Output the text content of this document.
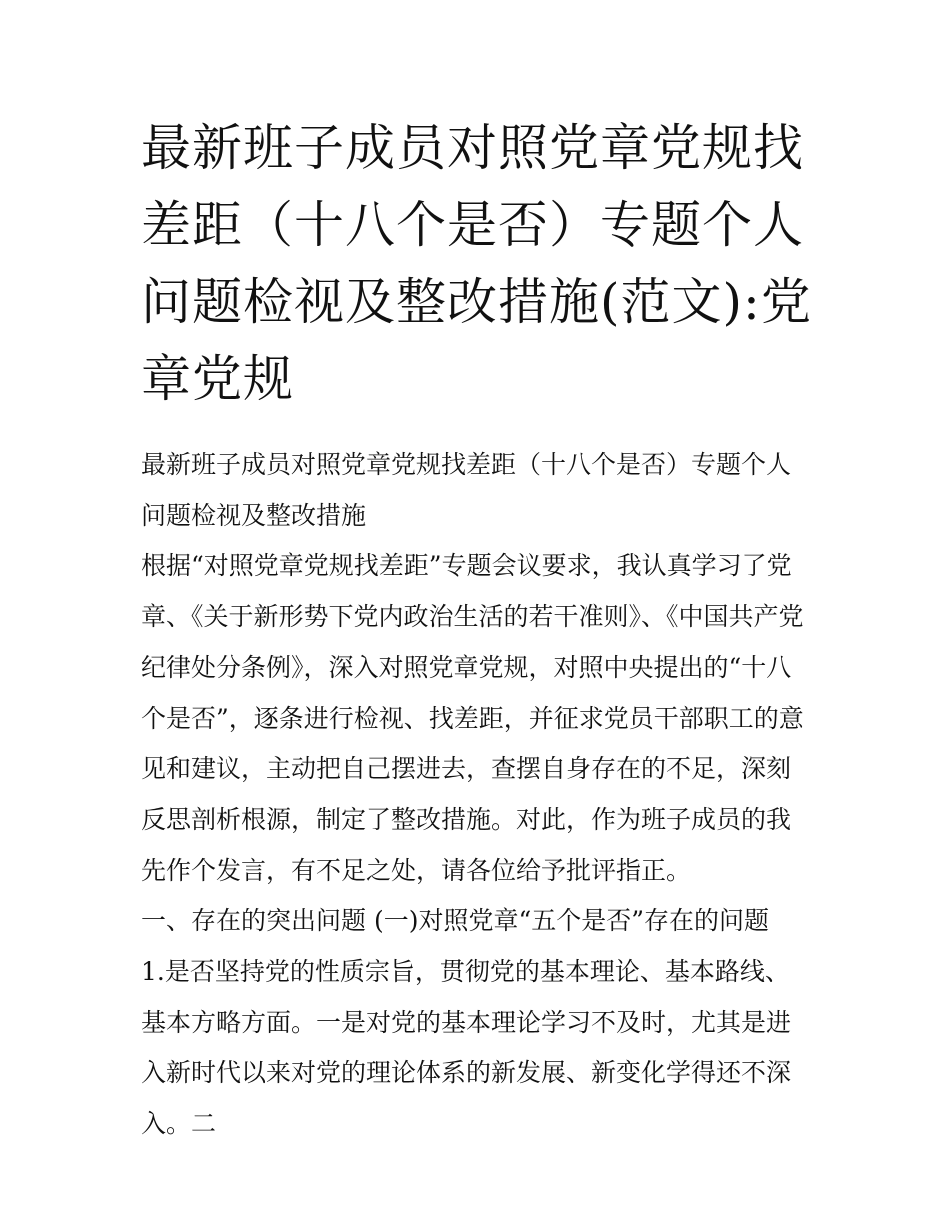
最新班子成员对照党章党规找差距（十八个是否）专题个人问题检视及整改措施(范文):党章党规

最新班子成员对照党章党规找差距（十八个是否）专题个人问题检视及整改措施

根据“对照党章党规找差距”专题会议要求，我认真学习了党章、《关于新形势下党内政治生活的若干准则》、《中国共产党纪律处分条例》，深入对照党章党规，对照中央提出的“十八个是否”，逐条进行检视、找差距，并征求党员干部职工的意见和建议，主动把自己摆进去，查摆自身存在的不足，深刻反思剖析根源，制定了整改措施。对此，作为班子成员的我先作个发言，有不足之处，请各位给予批评指正。

一、存在的突出问题 (一)对照党章“五个是否”存在的问题

1.是否坚持党的性质宗旨，贯彻党的基本理论、基本路线、基本方略方面。一是对党的基本理论学习不及时，尤其是进入新时代以来对党的理论体系的新发展、新变化学得还不深入。二
